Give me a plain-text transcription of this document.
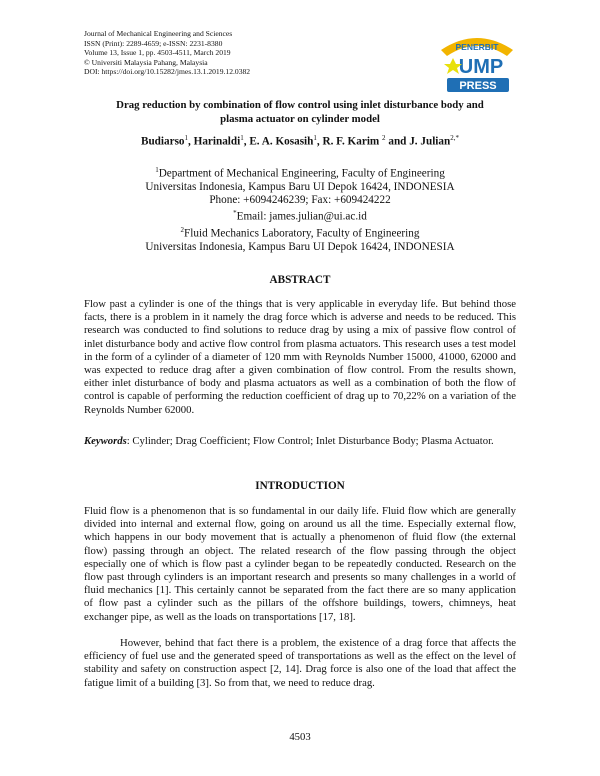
Journal of Mechanical Engineering and Sciences
ISSN (Print): 2289-4659; e-ISSN: 2231-8380
Volume 13, Issue 1, pp. 4503-4511, March 2019
© Universiti Malaysia Pahang, Malaysia
DOI: https://doi.org/10.15282/jmes.13.1.2019.12.0382
PENERBIT
UMP
PRESS
Drag reduction by combination of flow control using inlet disturbance body and
plasma actuator on cylinder model
Budiarso$^1$, Harinaldi$^1$, E. A. Kosasih$^1$, R. F. Karim $^2$ and J. Julian$^{2,*}$
$^1$Department of Mechanical Engineering, Faculty of Engineering
Universitas Indonesia, Kampus Baru UI Depok 16424, INDONESIA
Phone: +6094246239; Fax: +609424222
*Email: james.julian@ui.ac.id
$^2$Fluid Mechanics Laboratory, Faculty of Engineering
Universitas Indonesia, Kampus Baru UI Depok 16424, INDONESIA
ABSTRACT
Flow past a cylinder is one of the things that is very applicable in everyday life. But behind those facts, there is a problem in it namely the drag force which is adverse and needs to be reduced. This research was conducted to find solutions to reduce drag by using a mix of passive flow control of inlet disturbance body and active flow control from plasma actuators. This research uses a test model in the form of a cylinder of a diameter of 120 mm with Reynolds Number 15000, 41000, 62000 and was expected to reduce drag after a given combination of flow control. From the results shown, either inlet disturbance of body and plasma actuators as well as a combination of both the flow of control is capable of performing the reduction coefficient of drag up to 70,22% on a variation of the Reynolds Number 62000.
Keywords: Cylinder; Drag Coefficient; Flow Control; Inlet Disturbance Body; Plasma Actuator.
INTRODUCTION
Fluid flow is a phenomenon that is so fundamental in our daily life. Fluid flow which are generally divided into internal and external flow, going on around us all the time. Especially external flow, which happens in our body movement that is actually a phenomenon of fluid flow (the external flow) passing through an object. The related research of the flow passing through the object especially one of which is flow past a cylinder began to be repeatedly conducted. Research on the flow past through cylinders is an important research and presents so many challenges in a world of fluid mechanics [1]. This certainly cannot be separated from the fact there are so many application of flow past a cylinder such as the pillars of the offshore buildings, towers, chimneys, heat exchanger pipe, as well as the loads on transportations [17, 18].
However, behind that fact there is a problem, the existence of a drag force that affects the efficiency of fuel use and the generated speed of transportations as well as the effect on the level of stability and safety on construction aspect [2, 14]. Drag force is also one of the load that affect the fatigue limit of a building [3]. So from that, we need to reduce drag.
4503
